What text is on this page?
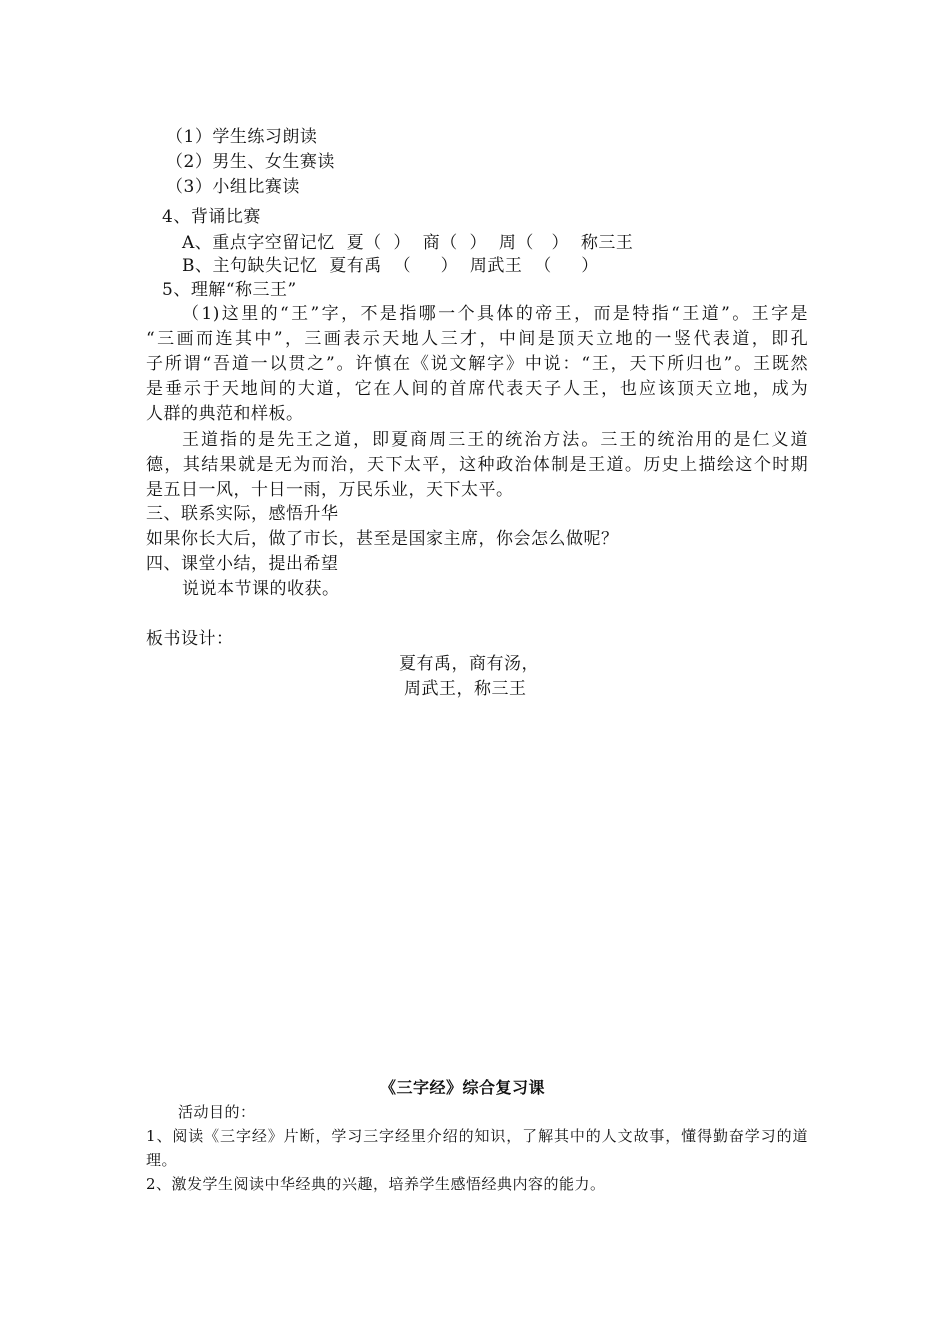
（1）学生练习朗读
（2）男生、女生赛读
（3）小组比赛读
4、背诵比赛
A、重点字空留记忆  夏（  ）  商（  ）  周（   ）  称三王
B、主句缺失记忆  夏有禹  （     ）  周武王  （     ）
5、理解“称三王”
（1)这里的“王”字，不是指哪一个具体的帝王，而是特指“王道”。王字是
“三画而连其中”，三画表示天地人三才，中间是顶天立地的一竖代表道，即孔
子所谓“吾道一以贯之”。许慎在《说文解字》中说：“王，天下所归也”。王既然
是垂示于天地间的大道，它在人间的首席代表天子人王，也应该顶天立地，成为
人群的典范和样板。
王道指的是先王之道，即夏商周三王的统治方法。三王的统治用的是仁义道
德，其结果就是无为而治，天下太平，这种政治体制是王道。历史上描绘这个时期
是五日一风，十日一雨，万民乐业，天下太平。
三、联系实际，感悟升华
如果你长大后，做了市长，甚至是国家主席，你会怎么做呢？
四、课堂小结，提出希望
说说本节课的收获。
板书设计：
夏有禹，商有汤，
周武王，称三王
《三字经》综合复习课
活动目的：
1、阅读《三字经》片断，学习三字经里介绍的知识，了解其中的人文故事，懂得勤奋学习的道
理。
2、激发学生阅读中华经典的兴趣，培养学生感悟经典内容的能力。
